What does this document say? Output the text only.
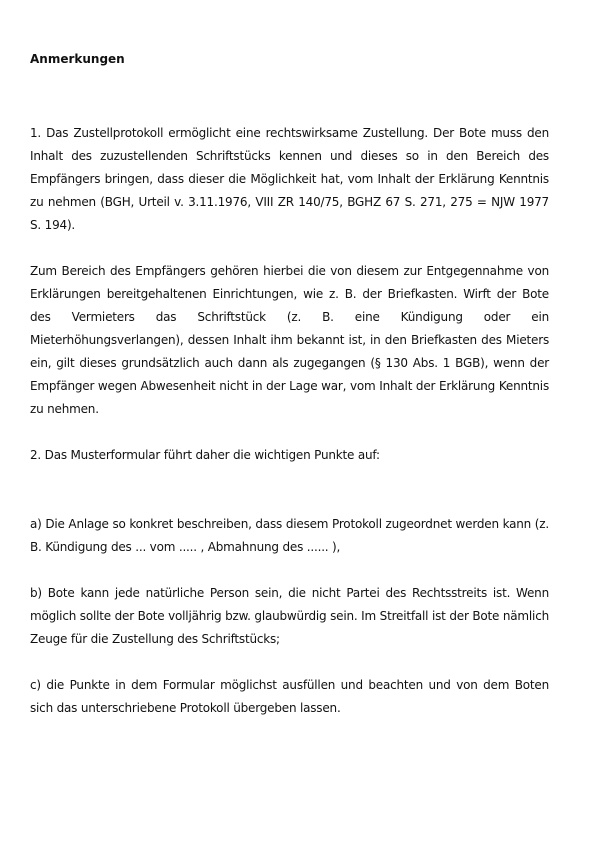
Anmerkungen

1. Das Zustellprotokoll ermöglicht eine rechtswirksame Zustellung. Der Bote muss den Inhalt des zuzustellenden Schriftstücks kennen und dieses so in den Bereich des Empfängers bringen, dass dieser die Möglichkeit hat, vom Inhalt der Erklärung Kenntnis zu nehmen (BGH, Urteil v. 3.11.1976, VIII ZR 140/75, BGHZ 67 S. 271, 275 = NJW 1977 S. 194).

Zum Bereich des Empfängers gehören hierbei die von diesem zur Entgegennahme von Erklärungen bereitgehaltenen Einrichtungen, wie z. B. der Briefkasten. Wirft der Bote des Vermieters das Schriftstück (z. B. eine Kündigung oder ein Mieterhöhungsverlangen), dessen Inhalt ihm bekannt ist, in den Briefkasten des Mieters ein, gilt dieses grundsätzlich auch dann als zugegangen (§ 130 Abs. 1 BGB), wenn der Empfänger wegen Abwesenheit nicht in der Lage war, vom Inhalt der Erklärung Kenntnis zu nehmen.

2. Das Musterformular führt daher die wichtigen Punkte auf:

a) Die Anlage so konkret beschreiben, dass diesem Protokoll zugeordnet werden kann (z. B. Kündigung des ... vom ..... , Abmahnung des ...... ),

b) Bote kann jede natürliche Person sein, die nicht Partei des Rechtsstreits ist. Wenn möglich sollte der Bote volljährig bzw. glaubwürdig sein. Im Streitfall ist der Bote nämlich Zeuge für die Zustellung des Schriftstücks;

c) die Punkte in dem Formular möglichst ausfüllen und beachten und von dem Boten sich das unterschriebene Protokoll übergeben lassen.
